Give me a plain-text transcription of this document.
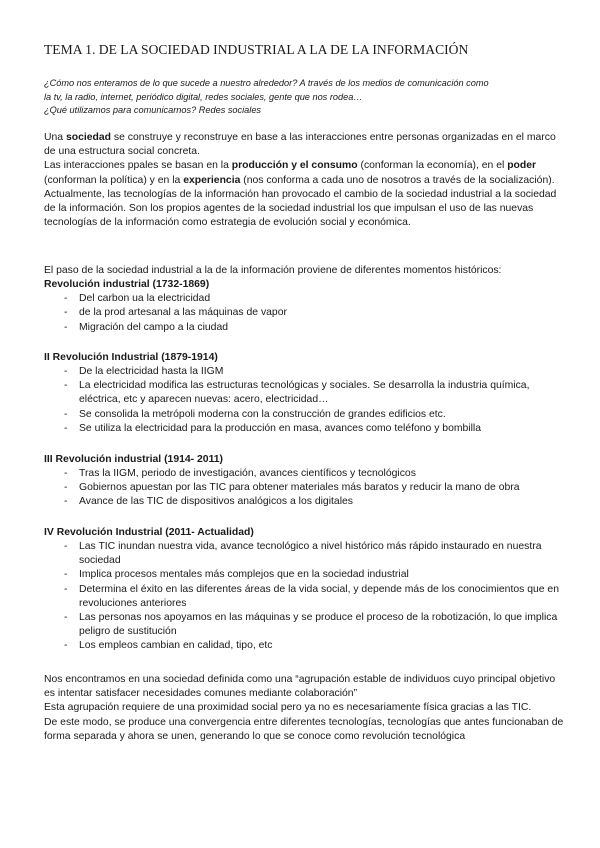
TEMA 1. DE LA SOCIEDAD INDUSTRIAL A LA DE LA INFORMACIÓN
¿Cómo nos enteramos de lo que sucede a nuestro alrededor? A través de los medios de comunicación como
la tv, la radio, internet, periódico digital, redes sociales, gente que nos rodea…
¿Qué utilizamos para comunicarnos? Redes sociales

Una sociedad se construye y reconstruye en base a las interacciones entre personas organizadas en el marco de una estructura social concreta.

Las interacciones ppales se basan en la producción y el consumo (conforman la economía), en el poder (conforman la política) y en la experiencia (nos conforma a cada uno de nosotros a través de la socialización).

Actualmente, las tecnologías de la información han provocado el cambio de la sociedad industrial a la sociedad de la información. Son los propios agentes de la sociedad industrial los que impulsan el uso de las nuevas tecnologías de la información como estrategia de evolución social y económica.

El paso de la sociedad industrial a la de la información proviene de diferentes momentos históricos:

Revolución industrial (1732-1869)
- Del carbon ua la electricidad
- de la prod artesanal a las máquinas de vapor
- Migración del campo a la ciudad
II Revolución Industrial (1879-1914)
- De la electricidad hasta la IIGM
- La electricidad modifica las estructuras tecnológicas y sociales. Se desarrolla la industria química, eléctrica, etc y aparecen nuevas: acero, electricidad…
- Se consolida la metrópoli moderna con la construcción de grandes edificios etc.
- Se utiliza la electricidad para la producción en masa, avances como teléfono y bombilla
III Revolución industrial (1914- 2011)
- Tras la IIGM, periodo de investigación, avances científicos y tecnológicos
- Gobiernos apuestan por las TIC para obtener materiales más baratos y reducir la mano de obra
- Avance de las TIC de dispositivos analógicos a los digitales
IV Revolución Industrial (2011- Actualidad)
- Las TIC inundan nuestra vida, avance tecnológico a nivel histórico más rápido instaurado en nuestra sociedad
- Implica procesos mentales más complejos que en la sociedad industrial
- Determina el éxito en las diferentes áreas de la vida social, y depende más de los conocimientos que en revoluciones anteriores
- Las personas nos apoyamos en las máquinas y se produce el proceso de la robotización, lo que implica peligro de sustitución
- Los empleos cambian en calidad, tipo, etc

Nos encontramos en una sociedad definida como una “agrupación estable de individuos cuyo principal objetivo es intentar satisfacer necesidades comunes mediante colaboración”

Esta agrupación requiere de una proximidad social pero ya no es necesariamente física gracias a las TIC.

De este modo, se produce una convergencia entre diferentes tecnologías, tecnologías que antes funcionaban de forma separada y ahora se unen, generando lo que se conoce como revolución tecnológica
